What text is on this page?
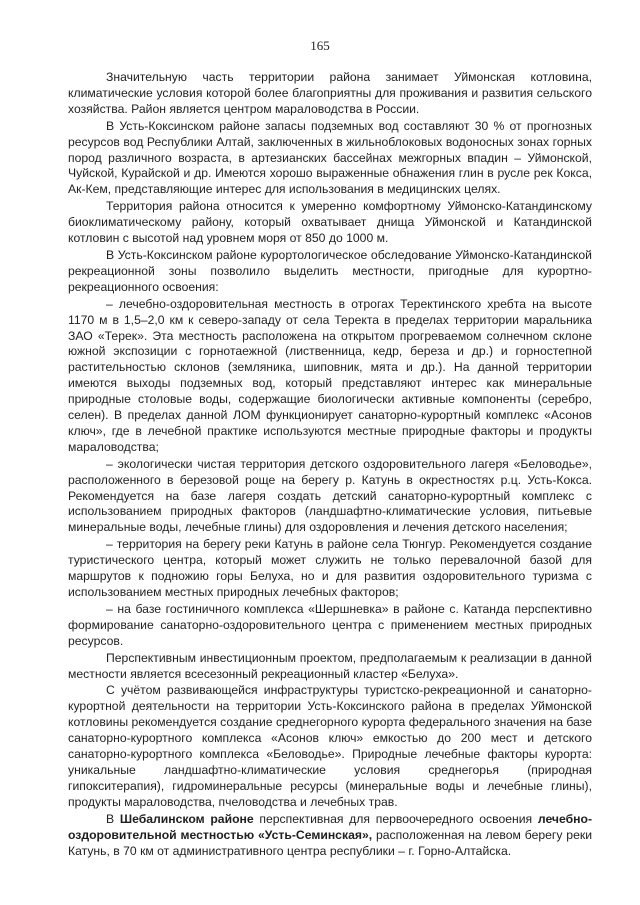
165

Значительную часть территории района занимает Уймонская котловина, климатические условия которой более благоприятны для проживания и развития сельского хозяйства. Район является центром мараловодства в России.

В Усть-Коксинском районе запасы подземных вод составляют 30 % от прогнозных ресурсов вод Республики Алтай, заключенных в жильноблоковых водоносных зонах горных пород различного возраста, в артезианских бассейнах межгорных впадин – Уймонской, Чуйской, Курайской и др. Имеются хорошо выраженные обнажения глин в русле рек Кокса, Ак-Кем, представляющие интерес для использования в медицинских целях.

Территория района относится к умеренно комфортному Уймонско-Катандинскому биоклиматическому району, который охватывает днища Уймонской и Катандинской котловин с высотой над уровнем моря от 850 до 1000 м.

В Усть-Коксинском районе курортологическое обследование Уймонско-Катандинской рекреационной зоны позволило выделить местности, пригодные для курортно-рекреационного освоения:

– лечебно-оздоровительная местность в отрогах Теректинского хребта на высоте 1170 м в 1,5–2,0 км к северо-западу от села Теректа в пределах территории маральника ЗАО «Терек». Эта местность расположена на открытом прогреваемом солнечном склоне южной экспозиции с горнотаежной (лиственница, кедр, береза и др.) и горностепной растительностью склонов (земляника, шиповник, мята и др.). На данной территории имеются выходы подземных вод, который представляют интерес как минеральные природные столовые воды, содержащие биологически активные компоненты (серебро, селен). В пределах данной ЛОМ функционирует санаторно-курортный комплекс «Асонов ключ», где в лечебной практике используются местные природные факторы и продукты мараловодства;

– экологически чистая территория детского оздоровительного лагеря «Беловодье», расположенного в березовой роще на берегу р. Катунь в окрестностях р.ц. Усть-Кокса. Рекомендуется на базе лагеря создать детский санаторно-курортный комплекс с использованием природных факторов (ландшафтно-климатические условия, питьевые минеральные воды, лечебные глины) для оздоровления и лечения детского населения;

– территория на берегу реки Катунь в районе села Тюнгур. Рекомендуется создание туристического центра, который может служить не только перевалочной базой для маршрутов к подножию горы Белуха, но и для развития оздоровительного туризма с использованием местных природных лечебных факторов;

– на базе гостиничного комплекса «Шершневка» в районе с. Катанда перспективно формирование санаторно-оздоровительного центра с применением местных природных ресурсов.

Перспективным инвестиционным проектом, предполагаемым к реализации в данной местности является всесезонный рекреационный кластер «Белуха».

С учётом развивающейся инфраструктуры туристско-рекреационной и санаторно-курортной деятельности на территории Усть-Коксинского района в пределах Уймонской котловины рекомендуется создание среднегорного курорта федерального значения на базе санаторно-курортного комплекса «Асонов ключ» емкостью до 200 мест и детского санаторно-курортного комплекса «Беловодье». Природные лечебные факторы курорта: уникальные ландшафтно-климатические условия среднегорья (природная гипокситерапия), гидроминеральные ресурсы (минеральные воды и лечебные глины), продукты мараловодства, пчеловодства и лечебных трав.

В Шебалинском районе перспективная для первоочередного освоения лечебно-оздоровительной местностью «Усть-Семинская», расположенная на левом берегу реки Катунь, в 70 км от административного центра республики – г. Горно-Алтайска.
